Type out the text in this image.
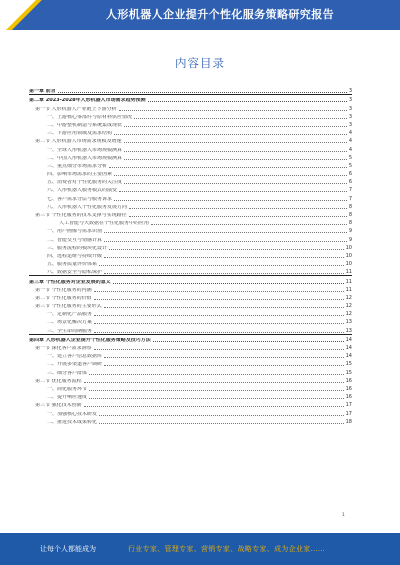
人形机器人企业提升个性化服务策略研究报告
内容目录
第一章 前言	3
第二章 2023-2028年人形机器人市场需求趋势预测	3
第一节 人形机器人产业链上下游分析	3
一、上游核心零部件与原材料供应情况	3
二、中游整机制造与系统集成现状	3
三、下游应用领域及需求结构	4
第二节 人形机器人市场需求规模及增速	4
一、全球人形机器人市场规模测算	4
二、中国人形机器人市场规模测算	5
三、重点细分市场需求分析	5
四、影响市场需求的主要因素	6
五、消费者对个性化服务的关注度	6
六、人形机器人服务模式的演变	7
七、客户需求分层与服务诉求	7
八、人形机器人个性化服务发展方向	8
第三节 个性化服务的技术支撑与实现路径	8
人工智能与大数据在个性化服务中的应用	8
一、用户画像与需求识别	9
二、智能交互与情感计算	9
三、服务流程的模块化设计	10
四、远程运维与持续升级	10
五、服务质量评价体系	10
六、数据安全与隐私保护	11
第三章 个性化服务对企业发展的意义	11
第一节 个性化服务的内涵	11
第二节 个性化服务的价值	12
第三节 个性化服务的主要形式	12
一、定制化产品服务	12
二、场景化解决方案	13
三、全生命周期服务	13
第四章 人形机器人企业提升个性化服务策略及技巧方法	14
第一节 深化客户需求洞察	14
一、建立客户信息数据库	14
二、开展多渠道客户调研	15
三、细分客户群体	15
第二节 优化服务流程	16
一、简化服务环节	16
二、提升响应速度	16
第三节 强化技术创新	17
一、加强核心技术研发	17
二、推进技术成果转化	18
1
让每个人都能成为	行业专家、管理专家、营销专家、战略专家、成为企业家……
